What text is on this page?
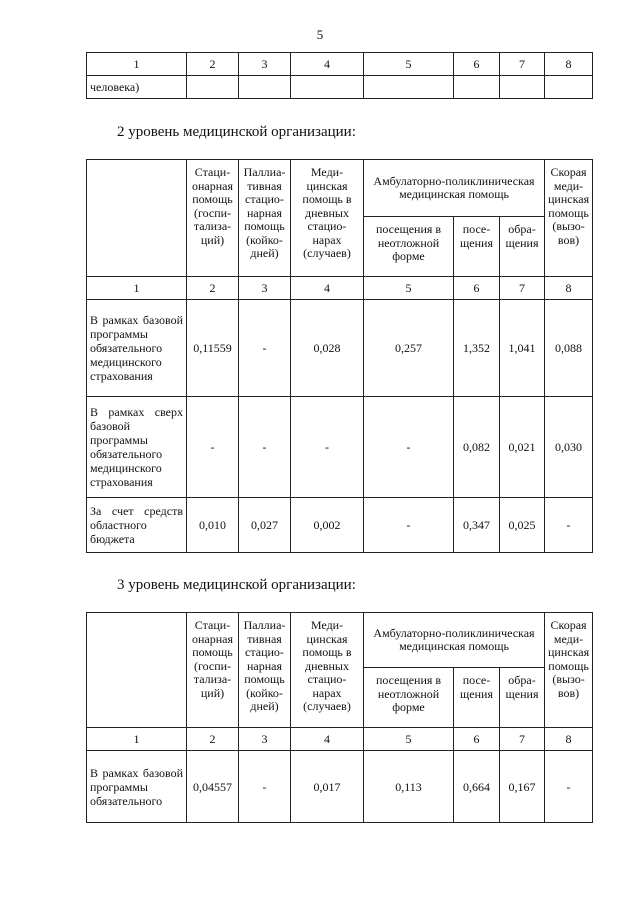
5
1	2	3	4	5	6	7	8
человека)							
2 уровень медицинской организации:
	Стаци-онарная помощь (госпи-тализа-ций)	Паллиа-тивная стацио-нарная помощь (койко-дней)	Меди-цинская помощь в дневных стацио-нарах (случаев)	Амбулаторно-поликлиническая медицинская помощь			Скорая меди-цинская помощь (вызо-вов)
				посещения в неотложной форме	посе-щения	обра-щения	
1	2	3	4	5	6	7	8
В рамках базовой программы обязательного медицинского страхования	0,11559	-	0,028	0,257	1,352	1,041	0,088
В рамках сверх базовой программы обязательного медицинского страхования	-	-	-	-	0,082	0,021	0,030
За счет средств областного бюджета	0,010	0,027	0,002	-	0,347	0,025	-
3 уровень медицинской организации:
	Стаци-онарная помощь (госпи-тализа-ций)	Паллиа-тивная стацио-нарная помощь (койко-дней)	Меди-цинская помощь в дневных стацио-нарах (случаев)	Амбулаторно-поликлиническая медицинская помощь			Скорая меди-цинская помощь (вызо-вов)
				посещения в неотложной форме	посе-щения	обра-щения	
1	2	3	4	5	6	7	8
В рамках базовой программы обязательного	0,04557	-	0,017	0,113	0,664	0,167	-
